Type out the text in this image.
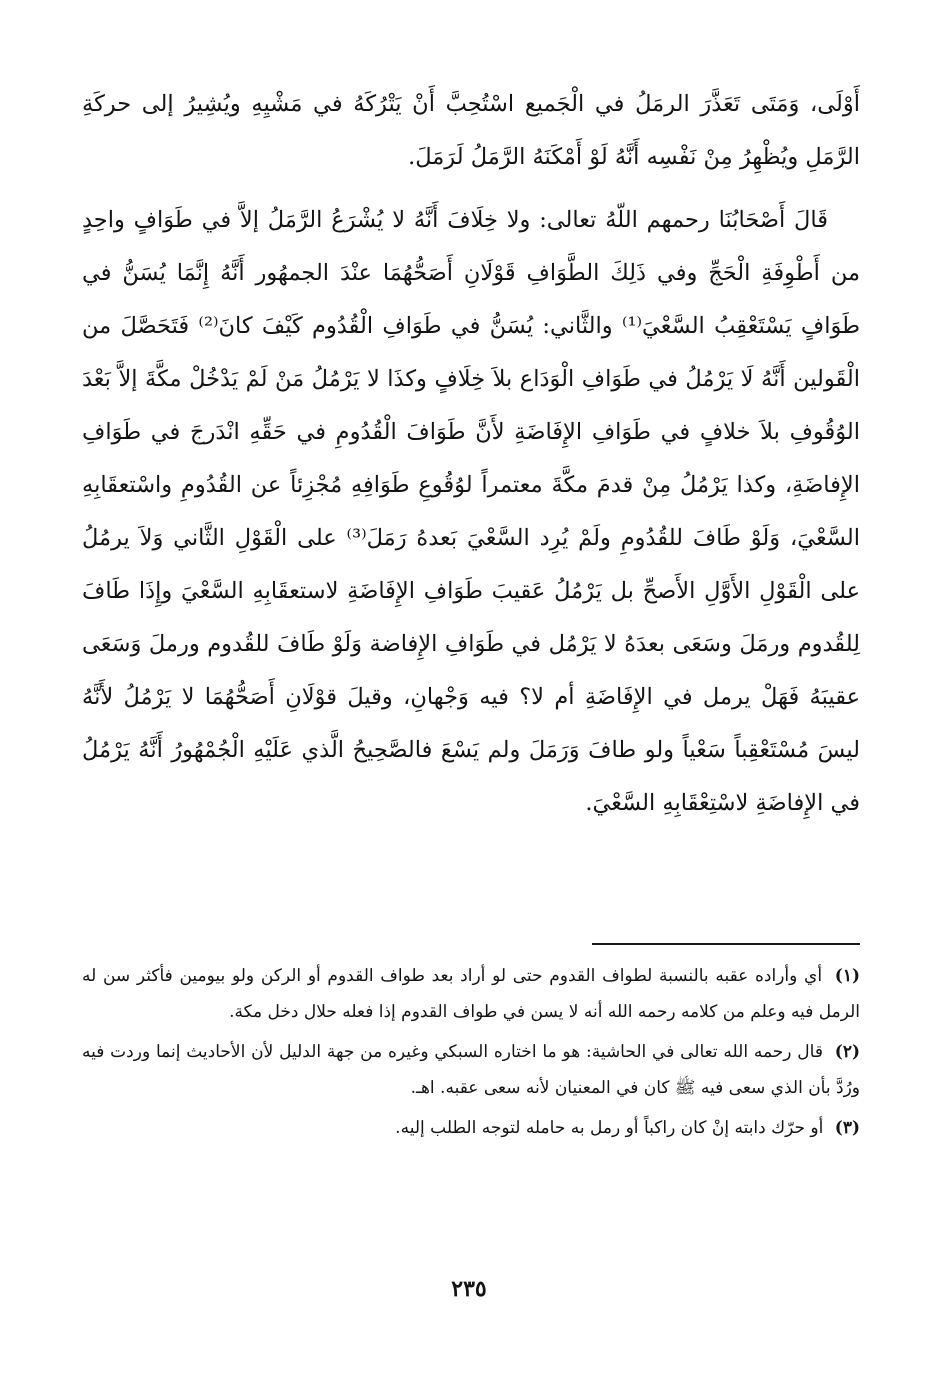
أَوْلَى، وَمَتَى تَعَذَّرَ الرمَلُ في الْجَميع اسْتُحِبَّ أَنْ يَتْرُكَهُ في مَشْيِهِ ويُشِيرُ إلى حركَةِ الرَّمَلِ ويُظْهِرُ مِنْ نَفْسِه أَنَّهُ لَوْ أَمْكَنَهُ الرَّمَلُ لَرَمَلَ.

قَالَ أَصْحَابُنَا رحمهم اللّهُ تعالى: ولا خِلَافَ أَنَّهُ لا يُشْرَعُ الرَّمَلُ إلاَّ في طَوَافٍ واحِدٍ من أَطْوِفَةِ الْحَجِّ وفي ذَلِكَ الطَّوَافِ قَوْلَانِ أَصَحُّهُمَا عنْدَ الجمهُور أَنَّهُ إِنَّمَا يُسَنُّ في طَوَافٍ يَسْتَعْقِبُ السَّعْيَ⁽¹⁾ والثَّاني: يُسَنُّ في طَوَافِ الْقُدُوم كَيْفَ كانَ⁽²⁾ فَتَحَصَّلَ من الْقَولين أَنَّهُ لَا يَرْمُلُ في طَوَافِ الْوَدَاع بلاَ خِلَافٍ وكذَا لا يَرْمُلُ مَنْ لَمْ يَدْخُلْ مكَّةَ إلاَّ بَعْدَ الوُقُوفِ بلاَ خلافٍ في طَوَافِ الإِفَاضَةِ لأَنَّ طَوَافَ الْقُدُومِ في حَقِّهِ انْدَرجَ في طَوَافِ الإِفاضَةِ، وكذا يَرْمُلُ مِنْ قدمَ مكَّةَ معتمراً لوُقُوعِ طَوَافِهِ مُجْزِئاً عن القُدُومِ واسْتعقَابِهِ السَّعْيَ، وَلَوْ طَافَ للقُدُومِ ولَمْ يُرِد السَّعْيَ بَعدهُ رَمَلَ⁽³⁾ على الْقَوْلِ الثَّاني وَلاَ يرمُلُ على الْقَوْلِ الأَوَّلِ الأَصحِّ بل يَرْمُلُ عَقيبَ طَوَافِ الإِفَاضَةِ لاستعقَابِهِ السَّعْيَ وإِذَا طَافَ لِلقُدوم ورمَلَ وسَعَى بعدَهُ لا يَرْمُل في طَوَافِ الإِفاضة وَلَوْ طَافَ للقُدوم ورملَ وَسَعَى عقيبَهُ فَهَلْ يرمل في الإِفَاضَةِ أم لا؟ فيه وَجْهانِ، وقيلَ قوْلَانِ أَصَحُّهُمَا لا يَرْمُلُ لأَنَّهُ ليسَ مُسْتَعْقِباً سَعْياً ولو طافَ وَرَمَلَ ولم يَسْعَ فالصَّحِيحُ الَّذي عَلَيْهِ الْجُمْهُورُ أَنَّهُ يَرْمُلُ في الإِفاضَةِ لاسْتِعْقَابِهِ السَّعْيَ.

(١) أي وأراده عقبه بالنسبة لطواف القدوم حتى لو أراد بعد طواف القدوم أو الركن ولو بيومين فأكثر سن له الرمل فيه وعلم من كلامه رحمه الله أنه لا يسن في طواف القدوم إذا فعله حلال دخل مكة.

(٢) قال رحمه الله تعالى في الحاشية: هو ما اختاره السبكي وغيره من جهة الدليل لأن الأحاديث إنما وردت فيه ورُدَّ بأن الذي سعى فيه ﷺ كان في المعنيان لأنه سعى عقبه. اهـ.

(٣) أو حرّك دابته إنْ كان راكباً أو رمل به حامله لتوجه الطلب إليه.

٢٣٥
